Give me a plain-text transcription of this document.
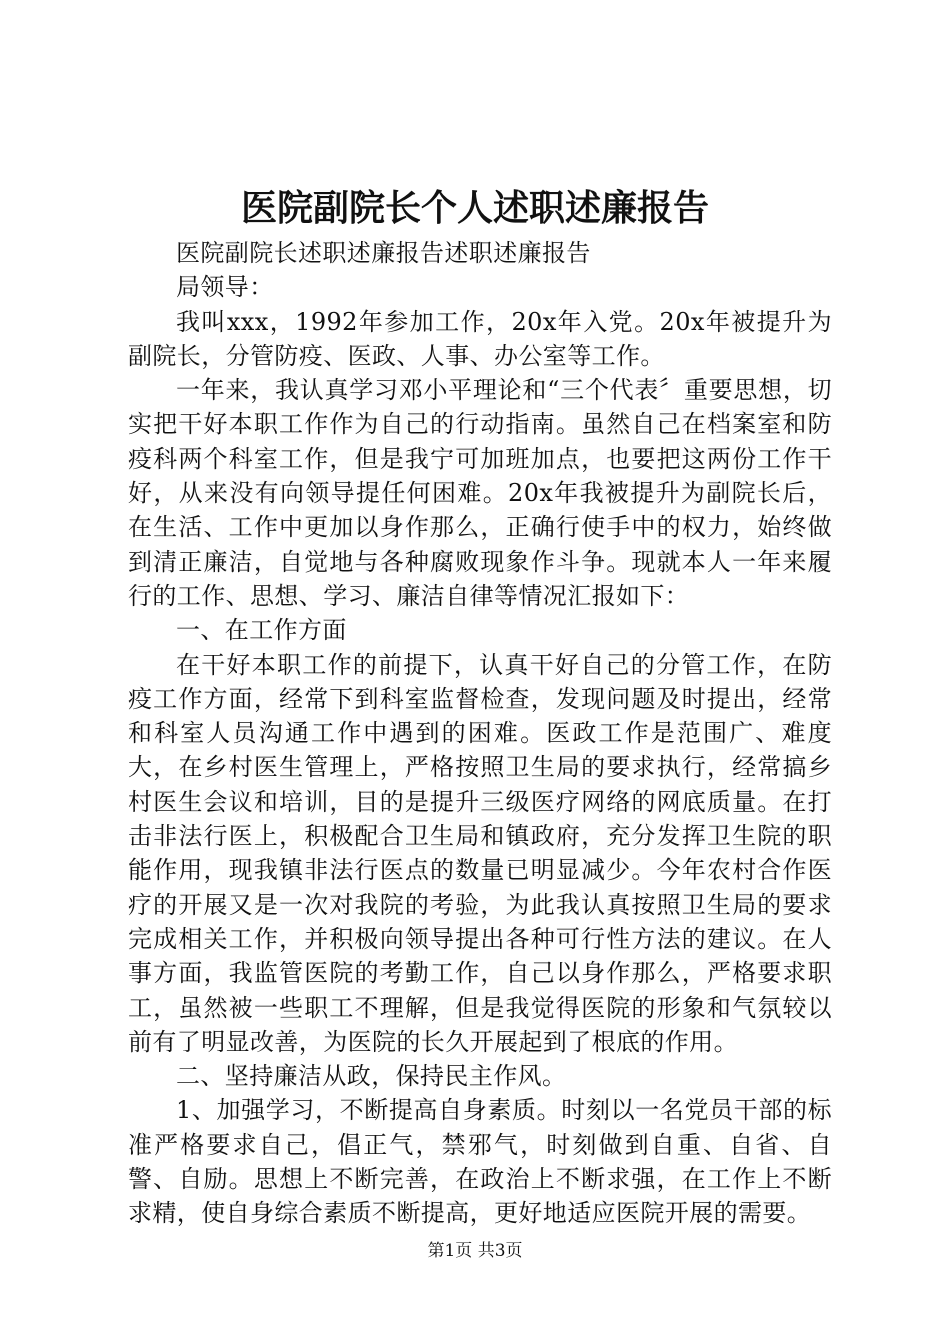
医院副院长个人述职述廉报告

医院副院长述职述廉报告述职述廉报告

局领导：

我叫xxx，1992年参加工作，20x年入党。20x年被提升为副院长，分管防疫、医政、人事、办公室等工作。

一年来，我认真学习邓小平理论和“三个代表〞重要思想，切实把干好本职工作作为自己的行动指南。虽然自己在档案室和防疫科两个科室工作，但是我宁可加班加点，也要把这两份工作干好，从来没有向领导提任何困难。20x年我被提升为副院长后，在生活、工作中更加以身作那么，正确行使手中的权力，始终做到清正廉洁，自觉地与各种腐败现象作斗争。现就本人一年来履行的工作、思想、学习、廉洁自律等情况汇报如下：

一、在工作方面

在干好本职工作的前提下，认真干好自己的分管工作，在防疫工作方面，经常下到科室监督检查，发现问题及时提出，经常和科室人员沟通工作中遇到的困难。医政工作是范围广、难度大，在乡村医生管理上，严格按照卫生局的要求执行，经常搞乡村医生会议和培训，目的是提升三级医疗网络的网底质量。在打击非法行医上，积极配合卫生局和镇政府，充分发挥卫生院的职能作用，现我镇非法行医点的数量已明显减少。今年农村合作医疗的开展又是一次对我院的考验，为此我认真按照卫生局的要求完成相关工作，并积极向领导提出各种可行性方法的建议。在人事方面，我监管医院的考勤工作，自己以身作那么，严格要求职工，虽然被一些职工不理解，但是我觉得医院的形象和气氛较以前有了明显改善，为医院的长久开展起到了根底的作用。

二、坚持廉洁从政，保持民主作风。

1、加强学习，不断提高自身素质。时刻以一名党员干部的标准严格要求自己，倡正气，禁邪气，时刻做到自重、自省、自警、自励。思想上不断完善，在政治上不断求强，在工作上不断求精，使自身综合素质不断提高，更好地适应医院开展的需要。

第1页 共3页
